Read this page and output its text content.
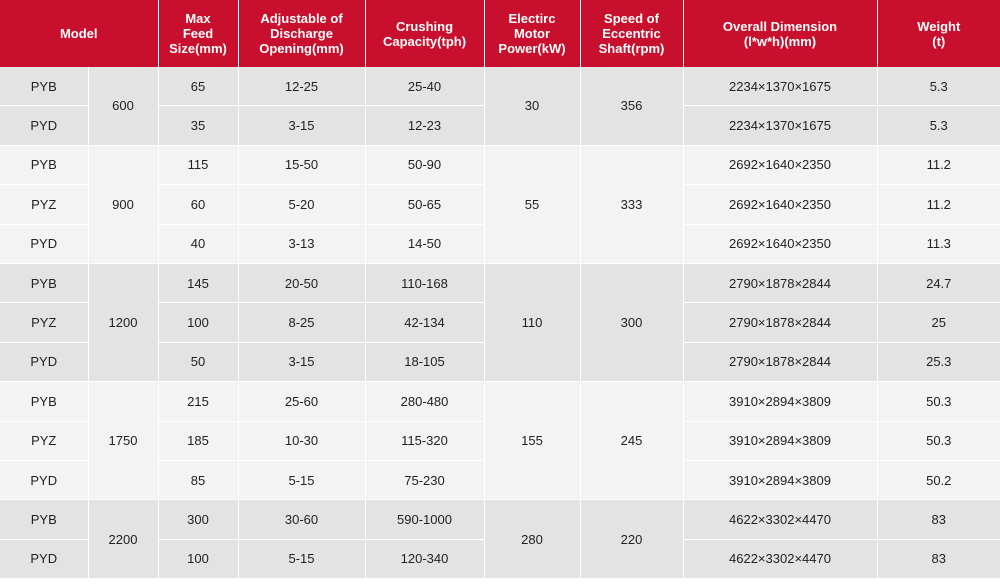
Model		Max
Feed
Size(mm)	Adjustable of
Discharge
Opening(mm)	Crushing
Capacity(tph)	Electirc
Motor
Power(kW)	Speed of
Eccentric
Shaft(rpm)	Overall Dimension
(l*w*h)(mm)	Weight
(t)
PYB	600	65	12-25	25-40	30	356	2234×1370×1675	5.3
PYD		35	3-15	12-23			2234×1370×1675	5.3
PYB	900	115	15-50	50-90	55	333	2692×1640×2350	11.2
PYZ		60	5-20	50-65			2692×1640×2350	11.2
PYD		40	3-13	14-50			2692×1640×2350	11.3
PYB	1200	145	20-50	110-168	110	300	2790×1878×2844	24.7
PYZ		100	8-25	42-134			2790×1878×2844	25
PYD		50	3-15	18-105			2790×1878×2844	25.3
PYB	1750	215	25-60	280-480	155	245	3910×2894×3809	50.3
PYZ		185	10-30	115-320			3910×2894×3809	50.3
PYD		85	5-15	75-230			3910×2894×3809	50.2
PYB	2200	300	30-60	590-1000	280	220	4622×3302×4470	83
PYD		100	5-15	120-340			4622×3302×4470	83
